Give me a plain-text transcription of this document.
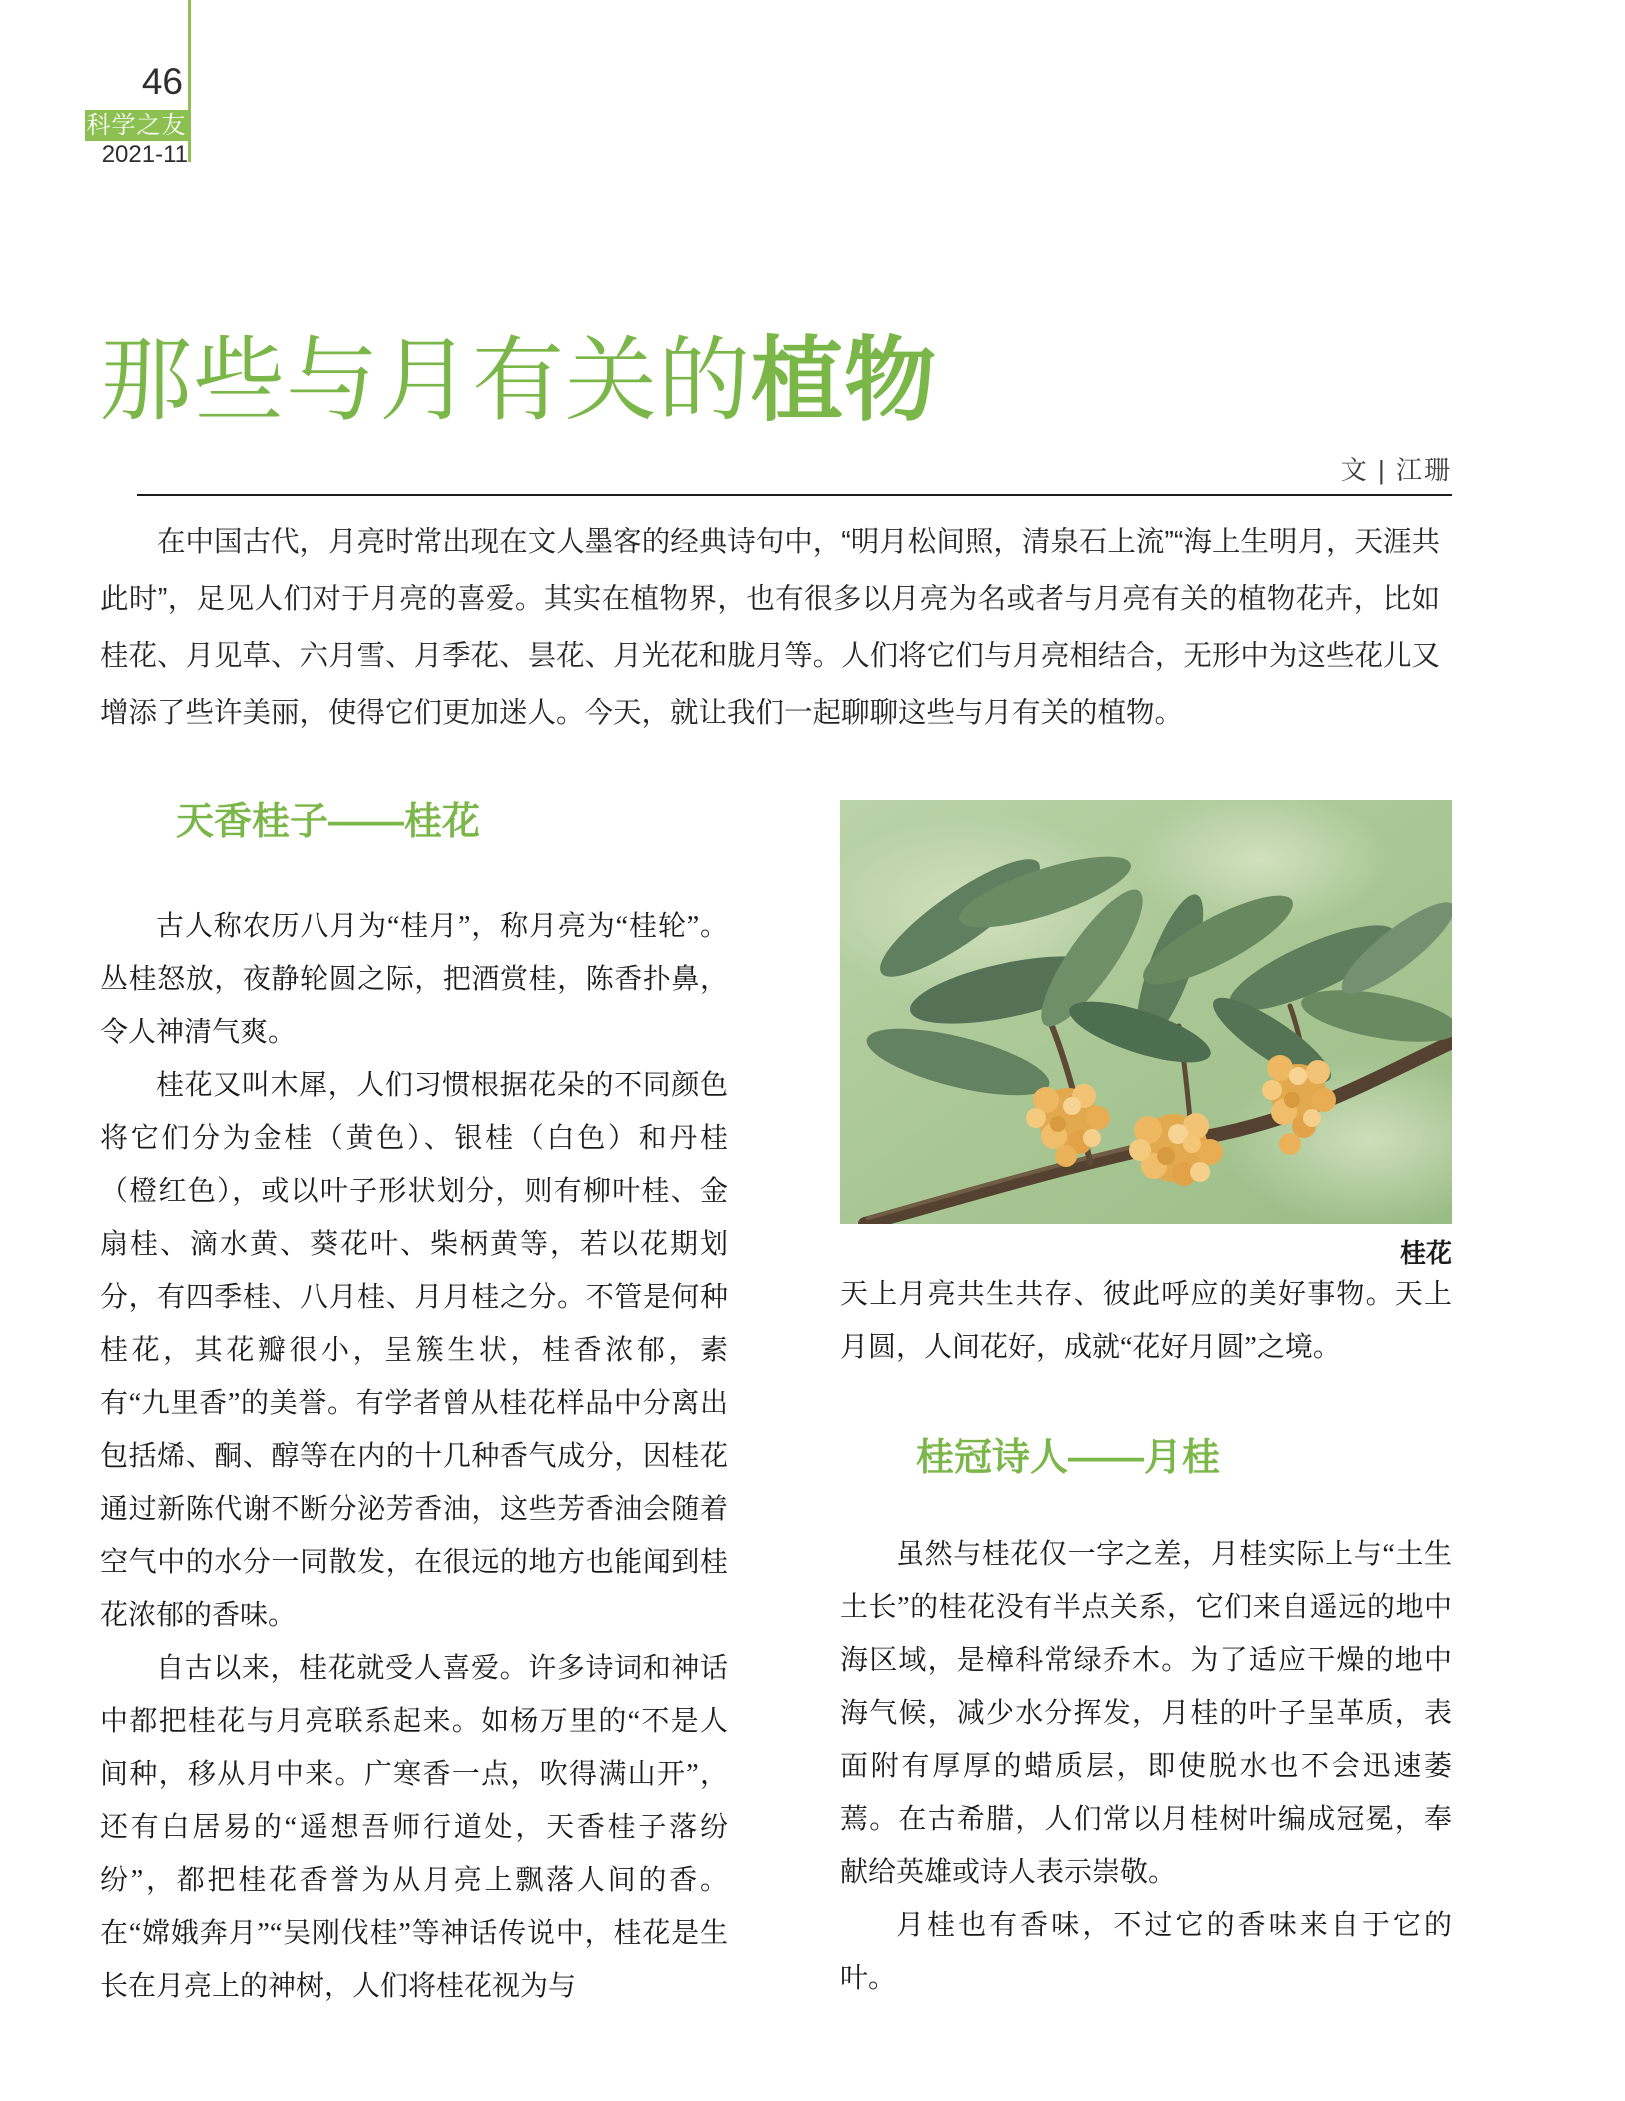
46
科学之友
2021-11
那些与月有关的植物
文 | 江珊
在中国古代，月亮时常出现在文人墨客的经典诗句中，“明月松间照，清泉石上流”“海上生明月，天涯共此时”，足见人们对于月亮的喜爱。其实在植物界，也有很多以月亮为名或者与月亮有关的植物花卉，比如桂花、月见草、六月雪、月季花、昙花、月光花和胧月等。人们将它们与月亮相结合，无形中为这些花儿又增添了些许美丽，使得它们更加迷人。今天，就让我们一起聊聊这些与月有关的植物。
天香桂子——桂花

古人称农历八月为“桂月”，称月亮为“桂轮”。丛桂怒放，夜静轮圆之际，把酒赏桂，陈香扑鼻，令人神清气爽。

桂花又叫木犀，人们习惯根据花朵的不同颜色将它们分为金桂（黄色）、银桂（白色）和丹桂（橙红色），或以叶子形状划分，则有柳叶桂、金扇桂、滴水黄、葵花叶、柴柄黄等，若以花期划分，有四季桂、八月桂、月月桂之分。不管是何种桂花，其花瓣很小，呈簇生状，桂香浓郁，素有“九里香”的美誉。有学者曾从桂花样品中分离出包括烯、酮、醇等在内的十几种香气成分，因桂花通过新陈代谢不断分泌芳香油，这些芳香油会随着空气中的水分一同散发，在很远的地方也能闻到桂花浓郁的香味。

自古以来，桂花就受人喜爱。许多诗词和神话中都把桂花与月亮联系起来。如杨万里的“不是人间种，移从月中来。广寒香一点，吹得满山开”，还有白居易的“遥想吾师行道处，天香桂子落纷纷”，都把桂花香誉为从月亮上飘落人间的香。在“嫦娥奔月”“吴刚伐桂”等神话传说中，桂花是生长在月亮上的神树，人们将桂花视为与

桂花

天上月亮共生共存、彼此呼应的美好事物。天上月圆，人间花好，成就“花好月圆”之境。

桂冠诗人——月桂

虽然与桂花仅一字之差，月桂实际上与“土生土长”的桂花没有半点关系，它们来自遥远的地中海区域，是樟科常绿乔木。为了适应干燥的地中海气候，减少水分挥发，月桂的叶子呈革质，表面附有厚厚的蜡质层，即使脱水也不会迅速萎蔫。在古希腊，人们常以月桂树叶编成冠冕，奉献给英雄或诗人表示崇敬。

月桂也有香味，不过它的香味来自于它的叶。
